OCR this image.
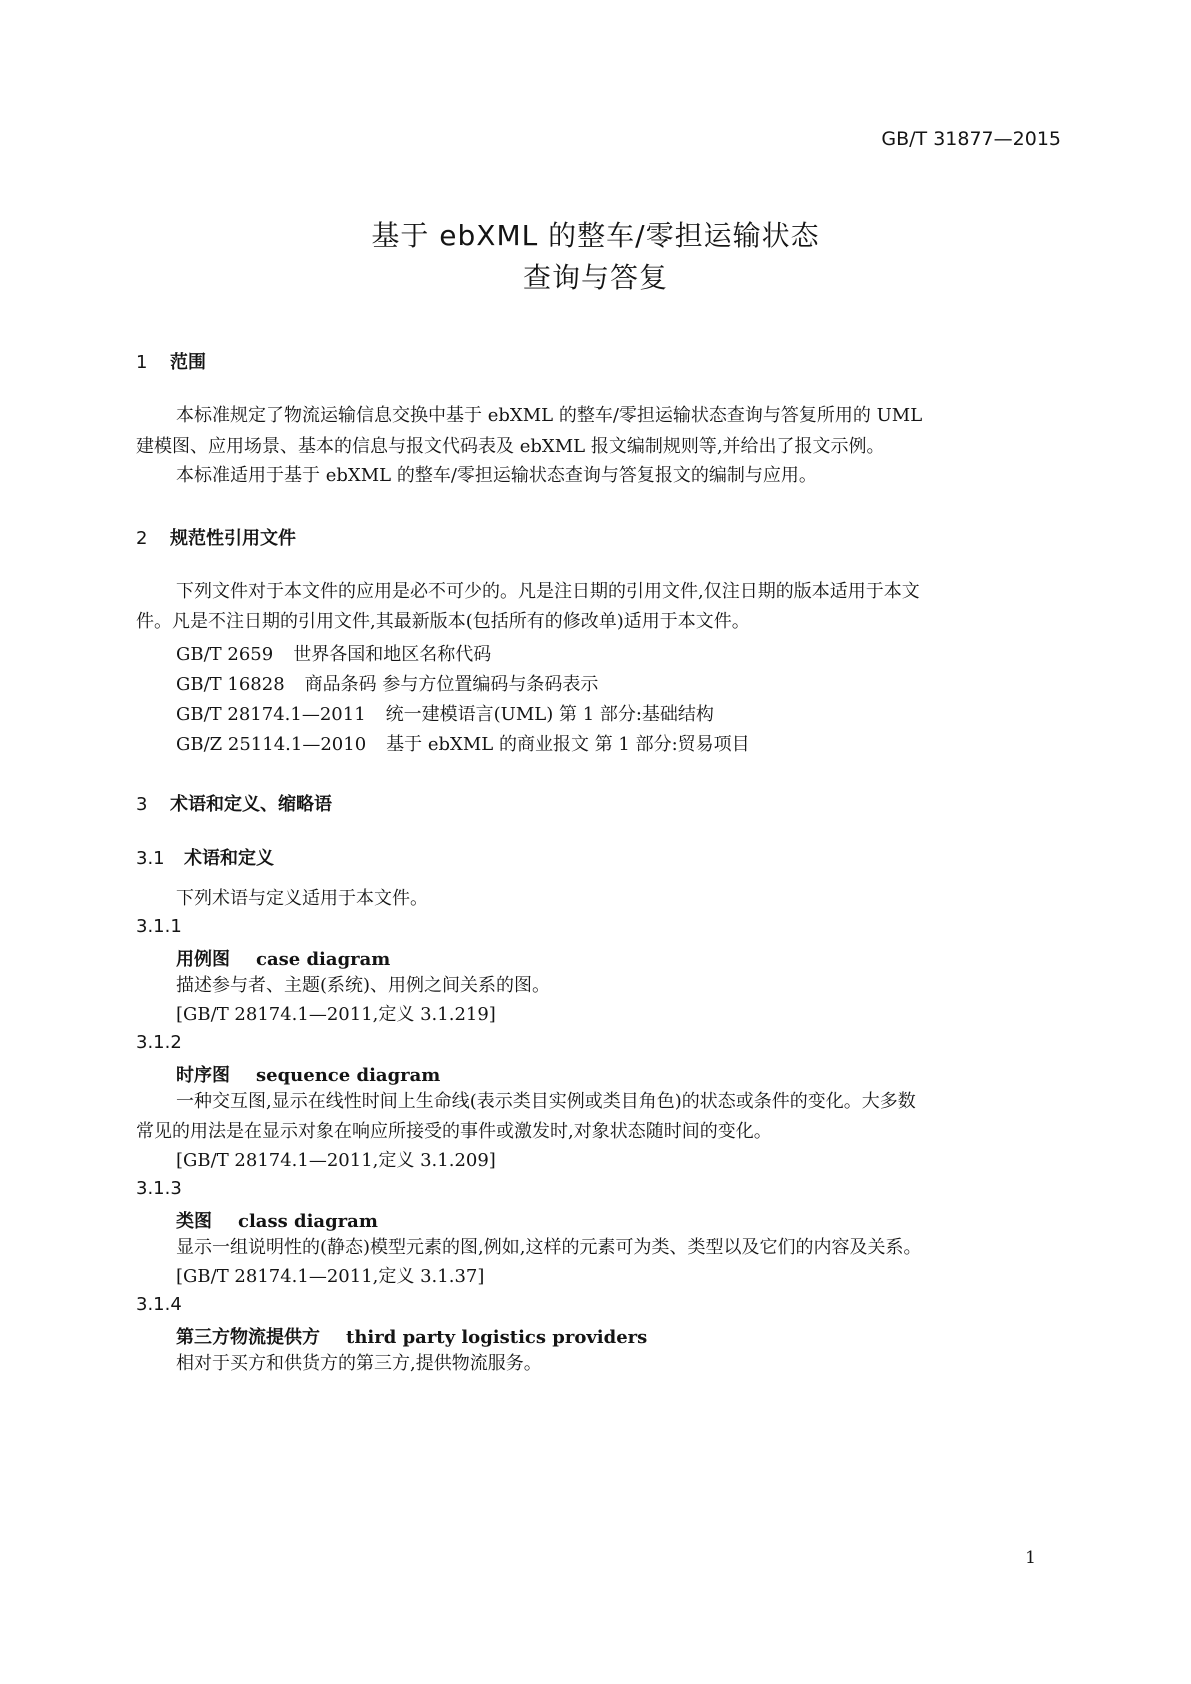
GB/T 31877—2015
基于 ebXML 的整车/零担运输状态
查询与答复
1 范围
本标准规定了物流运输信息交换中基于 ebXML 的整车/零担运输状态查询与答复所用的 UML
建模图、应用场景、基本的信息与报文代码表及 ebXML 报文编制规则等,并给出了报文示例。
本标准适用于基于 ebXML 的整车/零担运输状态查询与答复报文的编制与应用。
2 规范性引用文件
下列文件对于本文件的应用是必不可少的。凡是注日期的引用文件,仅注日期的版本适用于本文
件。凡是不注日期的引用文件,其最新版本(包括所有的修改单)适用于本文件。
GB/T 2659 世界各国和地区名称代码
GB/T 16828 商品条码 参与方位置编码与条码表示
GB/T 28174.1—2011 统一建模语言(UML) 第 1 部分:基础结构
GB/Z 25114.1—2010 基于 ebXML 的商业报文 第 1 部分:贸易项目
3 术语和定义、缩略语
3.1 术语和定义
下列术语与定义适用于本文件。
3.1.1
用例图 case diagram
描述参与者、主题(系统)、用例之间关系的图。
[GB/T 28174.1—2011,定义 3.1.219]
3.1.2
时序图 sequence diagram
一种交互图,显示在线性时间上生命线(表示类目实例或类目角色)的状态或条件的变化。大多数
常见的用法是在显示对象在响应所接受的事件或激发时,对象状态随时间的变化。
[GB/T 28174.1—2011,定义 3.1.209]
3.1.3
类图 class diagram
显示一组说明性的(静态)模型元素的图,例如,这样的元素可为类、类型以及它们的内容及关系。
[GB/T 28174.1—2011,定义 3.1.37]
3.1.4
第三方物流提供方 third party logistics providers
相对于买方和供货方的第三方,提供物流服务。
1
